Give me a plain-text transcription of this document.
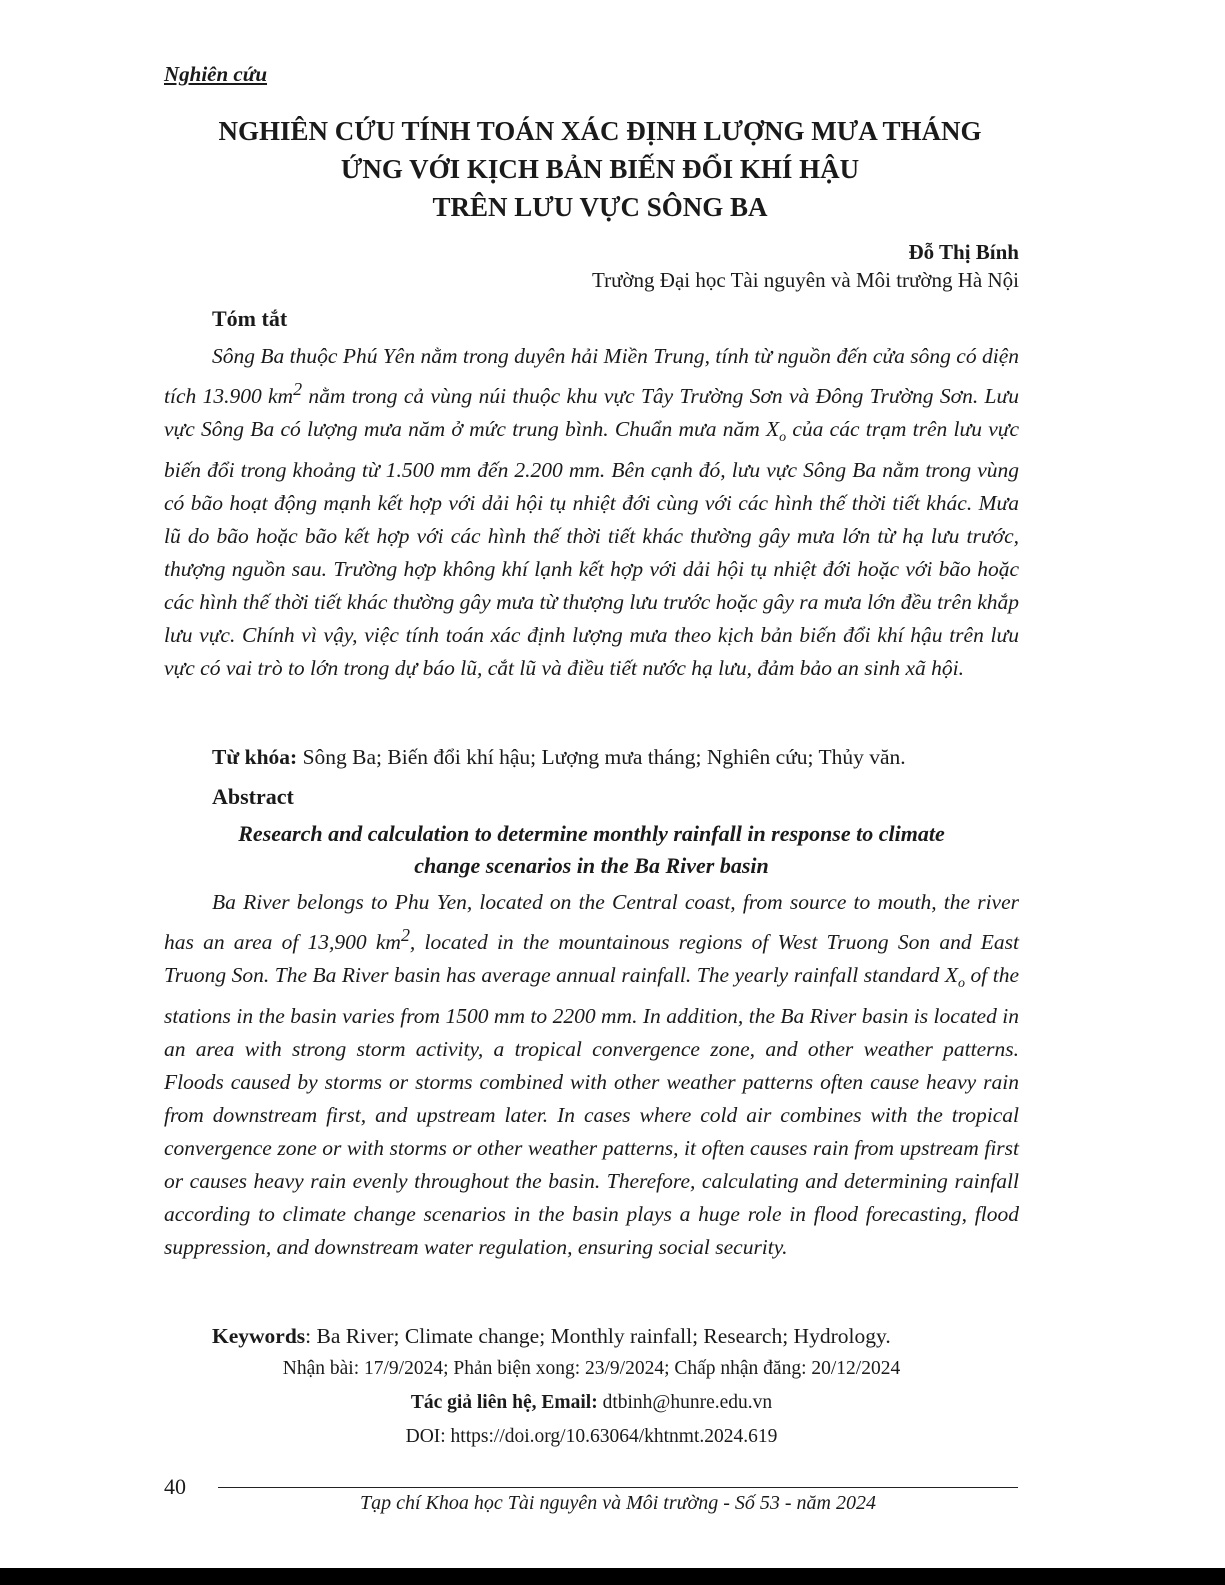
Nghiên cứu
NGHIÊN CỨU TÍNH TOÁN XÁC ĐỊNH LƯỢNG MƯA THÁNG
ỨNG VỚI KỊCH BẢN BIẾN ĐỔI KHÍ HẬU
TRÊN LƯU VỰC SÔNG BA
Đỗ Thị Bính
Trường Đại học Tài nguyên và Môi trường Hà Nội
Tóm tắt

Sông Ba thuộc Phú Yên nằm trong duyên hải Miền Trung, tính từ nguồn đến cửa sông có diện tích 13.900 $km^2$ nằm trong cả vùng núi thuộc khu vực Tây Trường Sơn và Đông Trường Sơn. Lưu vực Sông Ba có lượng mưa năm ở mức trung bình. Chuẩn mưa năm $X_o$ của các trạm trên lưu vực biến đổi trong khoảng từ 1.500 mm đến 2.200 mm. Bên cạnh đó, lưu vực Sông Ba nằm trong vùng có bão hoạt động mạnh kết hợp với dải hội tụ nhiệt đới cùng với các hình thế thời tiết khác. Mưa lũ do bão hoặc bão kết hợp với các hình thế thời tiết khác thường gây mưa lớn từ hạ lưu trước, thượng nguồn sau. Trường hợp không khí lạnh kết hợp với dải hội tụ nhiệt đới hoặc với bão hoặc các hình thế thời tiết khác thường gây mưa từ thượng lưu trước hoặc gây ra mưa lớn đều trên khắp lưu vực. Chính vì vậy, việc tính toán xác định lượng mưa theo kịch bản biến đổi khí hậu trên lưu vực có vai trò to lớn trong dự báo lũ, cắt lũ và điều tiết nước hạ lưu, đảm bảo an sinh xã hội.

Từ khóa: Sông Ba; Biến đổi khí hậu; Lượng mưa tháng; Nghiên cứu; Thủy văn.
Abstract
Research and calculation to determine monthly rainfall in response to climate
change scenarios in the Ba River basin

Ba River belongs to Phu Yen, located on the Central coast, from source to mouth, the river has an area of 13,900 $km^2$, located in the mountainous regions of West Truong Son and East Truong Son. The Ba River basin has average annual rainfall. The yearly rainfall standard $X_o$ of the stations in the basin varies from 1500 mm to 2200 mm. In addition, the Ba River basin is located in an area with strong storm activity, a tropical convergence zone, and other weather patterns. Floods caused by storms or storms combined with other weather patterns often cause heavy rain from downstream first, and upstream later. In cases where cold air combines with the tropical convergence zone or with storms or other weather patterns, it often causes rain from upstream first or causes heavy rain evenly throughout the basin. Therefore, calculating and determining rainfall according to climate change scenarios in the basin plays a huge role in flood forecasting, flood suppression, and downstream water regulation, ensuring social security.

Keywords: Ba River; Climate change; Monthly rainfall; Research; Hydrology.
Nhận bài: 17/9/2024; Phản biện xong: 23/9/2024; Chấp nhận đăng: 20/12/2024
Tác giả liên hệ, Email: dtbinh@hunre.edu.vn
DOI: https://doi.org/10.63064/khtnmt.2024.619
40
Tạp chí Khoa học Tài nguyên và Môi trường - Số 53 - năm 2024
